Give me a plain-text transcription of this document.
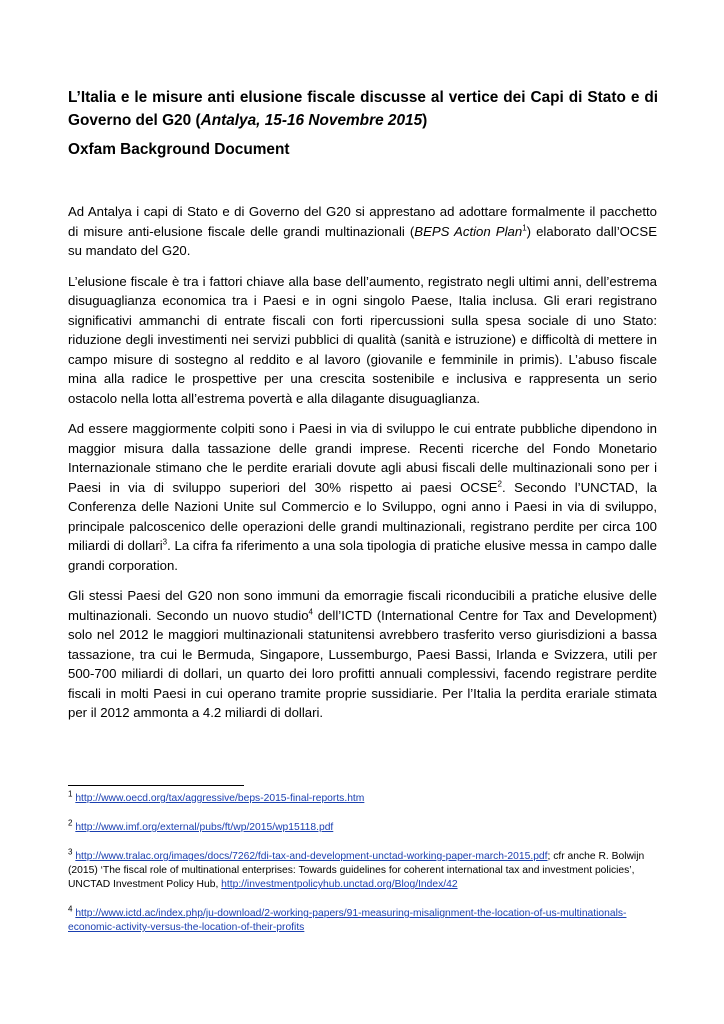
L’Italia e le misure anti elusione fiscale discusse al vertice dei Capi di Stato e di Governo del G20 (Antalya, 15-16 Novembre 2015)
Oxfam Background Document

Ad Antalya i capi di Stato e di Governo del G20 si apprestano ad adottare formalmente il pacchetto di misure anti-elusione fiscale delle grandi multinazionali (BEPS Action Plan$^1$) elaborato dall’OCSE su mandato del G20.

L’elusione fiscale è tra i fattori chiave alla base dell’aumento, registrato negli ultimi anni, dell’estrema disuguaglianza economica tra i Paesi e in ogni singolo Paese, Italia inclusa. Gli erari registrano significativi ammanchi di entrate fiscali con forti ripercussioni sulla spesa sociale di uno Stato: riduzione degli investimenti nei servizi pubblici di qualità (sanità e istruzione) e difficoltà di mettere in campo misure di sostegno al reddito e al lavoro (giovanile e femminile in primis). L’abuso fiscale mina alla radice le prospettive per una crescita sostenibile e inclusiva e rappresenta un serio ostacolo nella lotta all’estrema povertà e alla dilagante disuguaglianza.

Ad essere maggiormente colpiti sono i Paesi in via di sviluppo le cui entrate pubbliche dipendono in maggior misura dalla tassazione delle grandi imprese. Recenti ricerche del Fondo Monetario Internazionale stimano che le perdite erariali dovute agli abusi fiscali delle multinazionali sono per i Paesi in via di sviluppo superiori del 30% rispetto ai paesi OCSE$^2$. Secondo l’UNCTAD, la Conferenza delle Nazioni Unite sul Commercio e lo Sviluppo, ogni anno i Paesi in via di sviluppo, principale palcoscenico delle operazioni delle grandi multinazionali, registrano perdite per circa 100 miliardi di dollari$^3$. La cifra fa riferimento a una sola tipologia di pratiche elusive messa in campo dalle grandi corporation.

Gli stessi Paesi del G20 non sono immuni da emorragie fiscali riconducibili a pratiche elusive delle multinazionali. Secondo un nuovo studio$^4$ dell’ICTD (International Centre for Tax and Development) solo nel 2012 le maggiori multinazionali statunitensi avrebbero trasferito verso giurisdizioni a bassa tassazione, tra cui le Bermuda, Singapore, Lussemburgo, Paesi Bassi, Irlanda e Svizzera, utili per 500-700 miliardi di dollari, un quarto dei loro profitti annuali complessivi, facendo registrare perdite fiscali in molti Paesi in cui operano tramite proprie sussidiarie. Per l’Italia la perdita erariale stimata per il 2012 ammonta a 4.2 miliardi di dollari.

$^1$ http://www.oecd.org/tax/aggressive/beps-2015-final-reports.htm
$^2$ http://www.imf.org/external/pubs/ft/wp/2015/wp15118.pdf
$^3$ http://www.tralac.org/images/docs/7262/fdi-tax-and-development-unctad-working-paper-march-2015.pdf; cfr anche R. Bolwijn (2015) ‘The fiscal role of multinational enterprises: Towards guidelines for coherent international tax and investment policies’, UNCTAD Investment Policy Hub, http://investmentpolicyhub.unctad.org/Blog/Index/42
$^4$ http://www.ictd.ac/index.php/ju-download/2-working-papers/91-measuring-misalignment-the-location-of-us-multinationals-economic-activity-versus-the-location-of-their-profits
